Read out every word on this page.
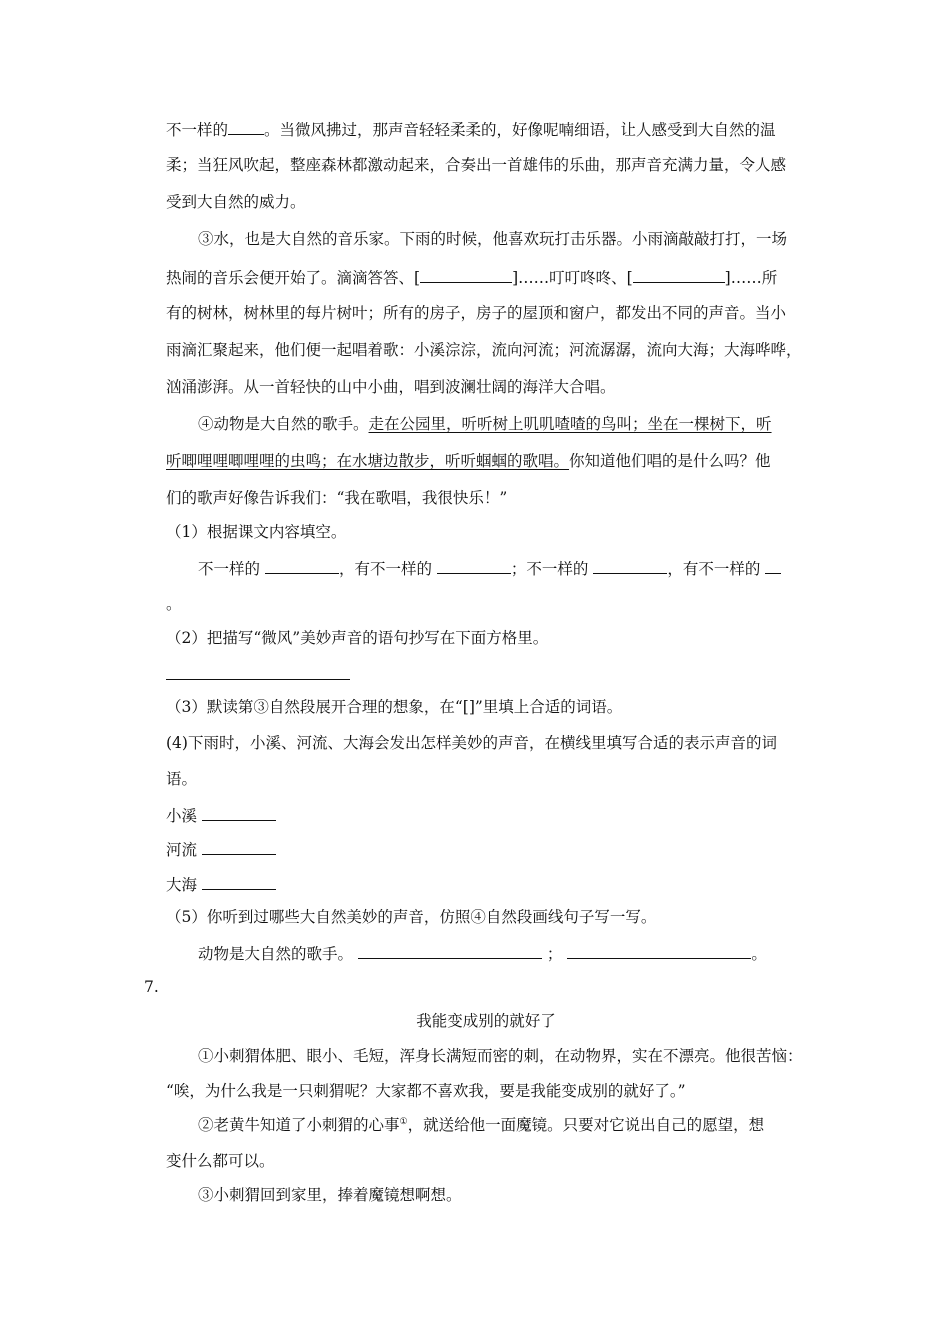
不一样的 。当微风拂过，那声音轻轻柔柔的，好像呢喃细语，让人感受到大自然的温
柔；当狂风吹起，整座森林都激动起来，合奏出一首雄伟的乐曲，那声音充满力量，令人感
受到大自然的威力。
③水，也是大自然的音乐家。下雨的时候，他喜欢玩打击乐器。小雨滴敲敲打打，一场
热闹的音乐会便开始了。滴滴答答、[	]……叮叮咚咚、[	]……所
有的树林，树林里的每片树叶；所有的房子，房子的屋顶和窗户，都发出不同的声音。当小
雨滴汇聚起来，他们便一起唱着歌：小溪淙淙，流向河流；河流潺潺，流向大海；大海哗哗，
汹涌澎湃。从一首轻快的山中小曲，唱到波澜壮阔的海洋大合唱。
④动物是大自然的歌手。走在公园里，听听树上叽叽喳喳的鸟叫；坐在一棵树下，听
听唧哩哩唧哩哩的虫鸣；在水塘边散步，听听蝈蝈的歌唱。你知道他们唱的是什么吗？他
们的歌声好像告诉我们：“我在歌唱，我很快乐！”
（1）根据课文内容填空。
不一样的	，有不一样的	；不一样的	，有不一样的
。
（2）把描写“微风”美妙声音的语句抄写在下面方格里。
（3）默读第③自然段展开合理的想象，在“[]”里填上合适的词语。
(4)下雨时，小溪、河流、大海会发出怎样美妙的声音，在横线里填写合适的表示声音的词
语。
小溪
河流
大海
（5）你听到过哪些大自然美妙的声音，仿照④自然段画线句子写一写。
动物是大自然的歌手。	；	。
7.
我能变成别的就好了
①小刺猬体肥、眼小、毛短，浑身长满短而密的刺，在动物界，实在不漂亮。他很苦恼：
“唉，为什么我是一只刺猬呢？大家都不喜欢我，要是我能变成别的就好了。”
②老黄牛知道了小刺猬的心事①，就送给他一面魔镜。只要对它说出自己的愿望，想
变什么都可以。
③小刺猬回到家里，捧着魔镜想啊想。
